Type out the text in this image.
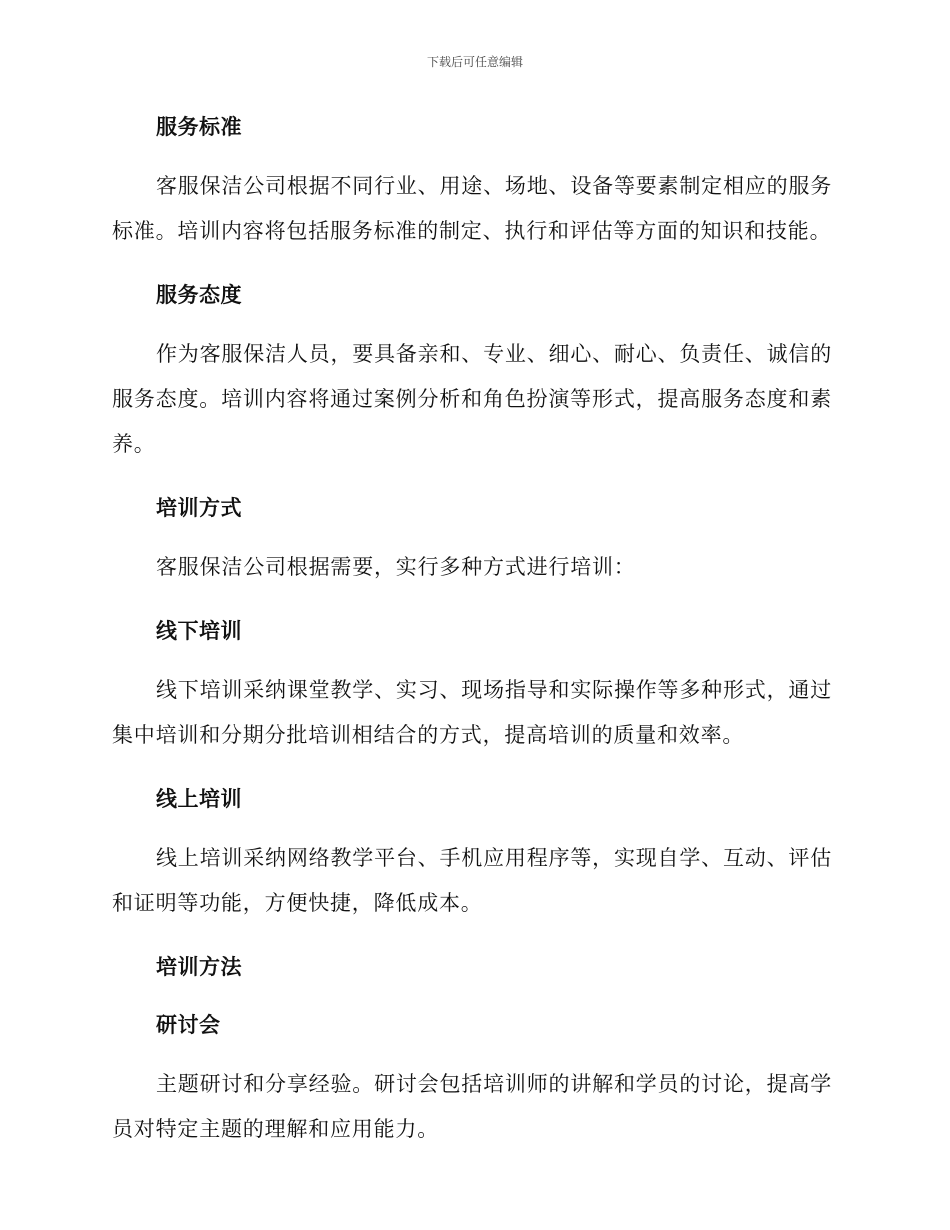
下载后可任意编辑
服务标准

客服保洁公司根据不同行业、用途、场地、设备等要素制定相应的服务标准。培训内容将包括服务标准的制定、执行和评估等方面的知识和技能。

服务态度

作为客服保洁人员，要具备亲和、专业、细心、耐心、负责任、诚信的服务态度。培训内容将通过案例分析和角色扮演等形式，提高服务态度和素养。

培训方式

客服保洁公司根据需要，实行多种方式进行培训：

线下培训

线下培训采纳课堂教学、实习、现场指导和实际操作等多种形式，通过集中培训和分期分批培训相结合的方式，提高培训的质量和效率。

线上培训

线上培训采纳网络教学平台、手机应用程序等，实现自学、互动、评估和证明等功能，方便快捷，降低成本。

培训方法
研讨会

主题研讨和分享经验。研讨会包括培训师的讲解和学员的讨论，提高学员对特定主题的理解和应用能力。
